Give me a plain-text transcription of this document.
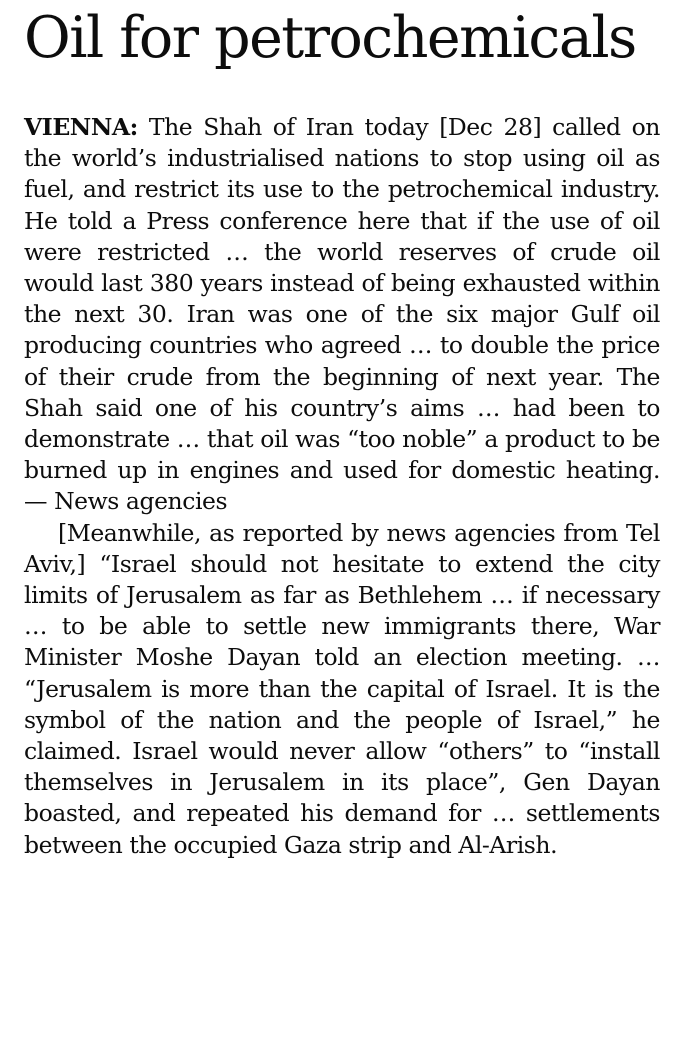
Oil for petrochemicals

VIENNA: The Shah of Iran today [Dec 28] called on the world’s industrialised nations to stop using oil as fuel, and restrict its use to the petrochemical industry. He told a Press conference here that if the use of oil were restricted … the world reserves of crude oil would last 380 years instead of being exhausted within the next 30. Iran was one of the six major Gulf oil producing countries who agreed … to double the price of their crude from the beginning of next year. The Shah said one of his country’s aims … had been to demonstrate … that oil was “too noble” a product to be burned up in engines and used for domestic heating. — News agencies

[Meanwhile, as reported by news agencies from Tel Aviv,] “Israel should not hesitate to extend the city limits of Jerusalem as far as Bethlehem … if necessary … to be able to settle new immigrants there, War Minister Moshe Dayan told an election meeting. … “Jerusalem is more than the capital of Israel. It is the symbol of the nation and the people of Israel,” he claimed. Israel would never allow “others” to “install themselves in Jerusalem in its place”, Gen Dayan boasted, and repeated his demand for … settlements between the occupied Gaza strip and Al-Arish.
